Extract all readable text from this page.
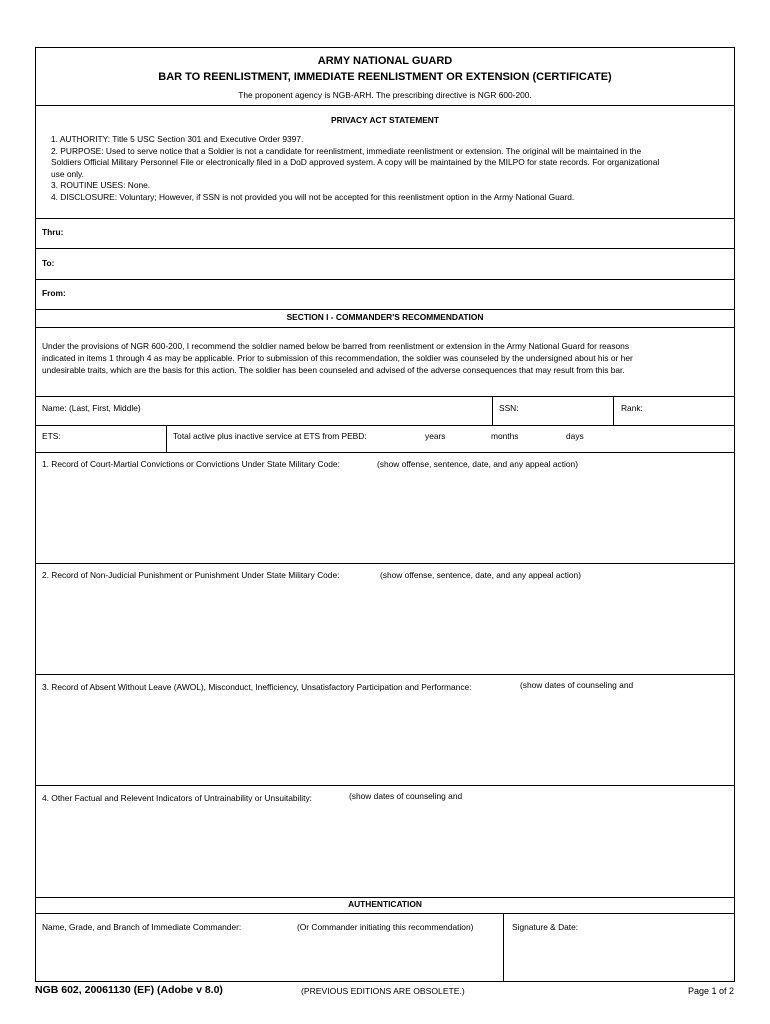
ARMY NATIONAL GUARD
BAR TO REENLISTMENT, IMMEDIATE REENLISTMENT OR EXTENSION (CERTIFICATE)
The proponent agency is NGB-ARH. The prescribing directive is NGR 600-200.
PRIVACY ACT STATEMENT
1. AUTHORITY: Title 5 USC Section 301 and Executive Order 9397.
2. PURPOSE: Used to serve notice that a Soldier is not a candidate for reenlistment, immediate reenlistment or extension. The original will be maintained in the
Soldiers Official Military Personnel File or electronically filed in a DoD approved system. A copy will be maintained by the MILPO for state records. For organizational
use only.
3. ROUTINE USES: None.
4. DISCLOSURE: Voluntary; However, if SSN is not provided you will not be accepted for this reenlistment option in the Army National Guard.
Thru:
To:
From:
SECTION I - COMMANDER'S RECOMMENDATION
Under the provisions of NGR 600-200, I recommend the soldier named below be barred from reenlistment or extension in the Army National Guard for reasons
indicated in items 1 through 4 as may be applicable. Prior to submission of this recommendation, the soldier was counseled by the undersigned about his or her
undesirable traits, which are the basis for this action. The soldier has been counseled and advised of the adverse consequences that may result from this bar.
Name: (Last, First, Middle)	SSN:	Rank:
ETS:	Total active plus inactive service at ETS from PEBD:	years	months	days
1. Record of Court-Martial Convictions or Convictions Under State Military Code:	(show offense, sentence, date, and any appeal action)
2. Record of Non-Judicial Punishment or Punishment Under State Military Code:	(show offense, sentence, date, and any appeal action)
3. Record of Absent Without Leave (AWOL), Misconduct, Inefficiency, Unsatisfactory Participation and Performance:	(show dates of counseling and
4. Other Factual and Relevent Indicators of Untrainability or Unsuitability:	(show dates of counseling and
AUTHENTICATION
Name, Grade, and Branch of Immediate Commander:	(Or Commander initiating this recommendation)	Signature & Date:
NGB 602, 20061130 (EF) (Adobe v 8.0)	(PREVIOUS EDITIONS ARE OBSOLETE.)	Page 1 of 2
